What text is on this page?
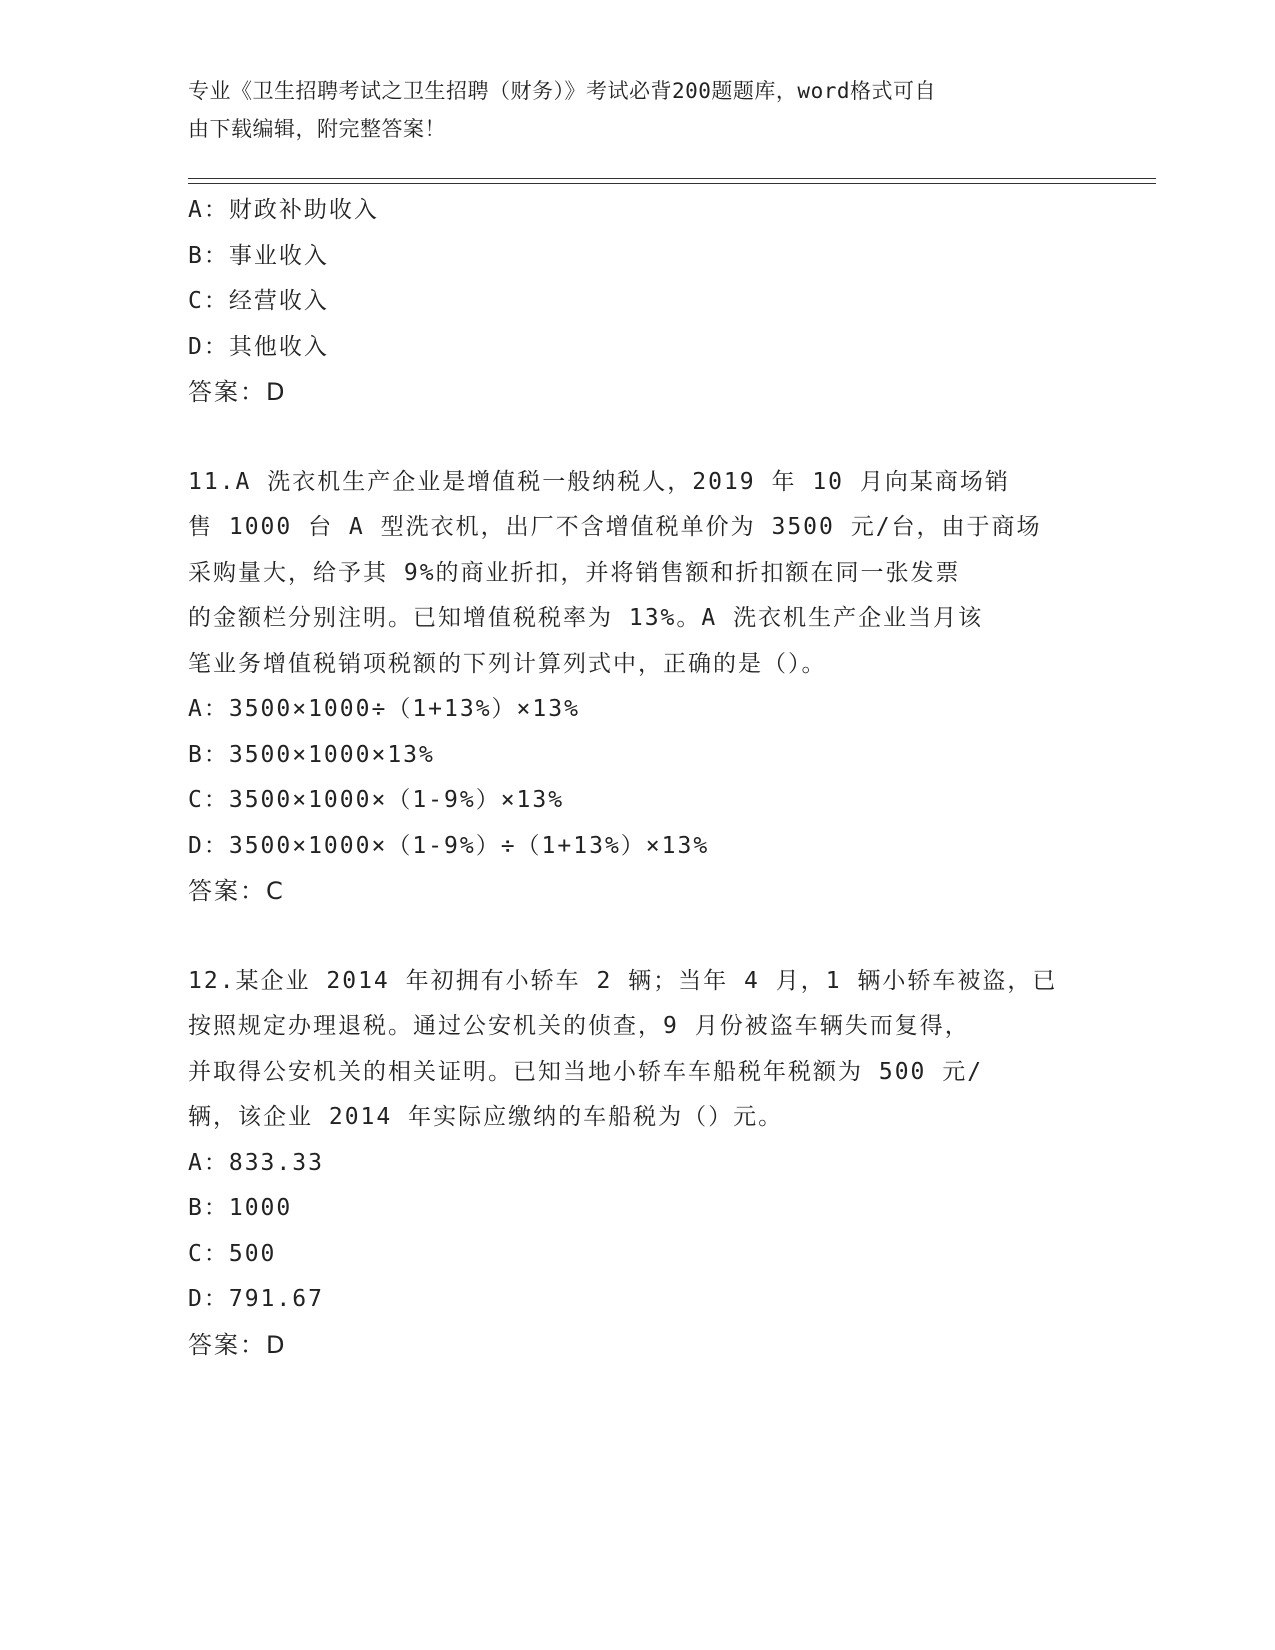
专业《卫生招聘考试之卫生招聘（财务）》考试必背200题题库，word格式可自
由下载编辑，附完整答案！
A：财政补助收入
B：事业收入
C：经营收入
D：其他收入
答案：D
11.A 洗衣机生产企业是增值税一般纳税人，2019 年 10 月向某商场销
售 1000 台 A 型洗衣机，出厂不含增值税单价为 3500 元/台，由于商场
采购量大，给予其 9%的商业折扣，并将销售额和折扣额在同一张发票
的金额栏分别注明。已知增值税税率为 13%。A 洗衣机生产企业当月该
笔业务增值税销项税额的下列计算列式中，正确的是（）。
A：3500×1000÷（1+13%）×13%
B：3500×1000×13%
C：3500×1000×（1-9%）×13%
D：3500×1000×（1-9%）÷（1+13%）×13%
答案：C
12.某企业 2014 年初拥有小轿车 2 辆；当年 4 月，1 辆小轿车被盗，已
按照规定办理退税。通过公安机关的侦查，9 月份被盗车辆失而复得，
并取得公安机关的相关证明。已知当地小轿车车船税年税额为 500 元/
辆，该企业 2014 年实际应缴纳的车船税为（）元。
A：833.33
B：1000
C：500
D：791.67
答案：D
